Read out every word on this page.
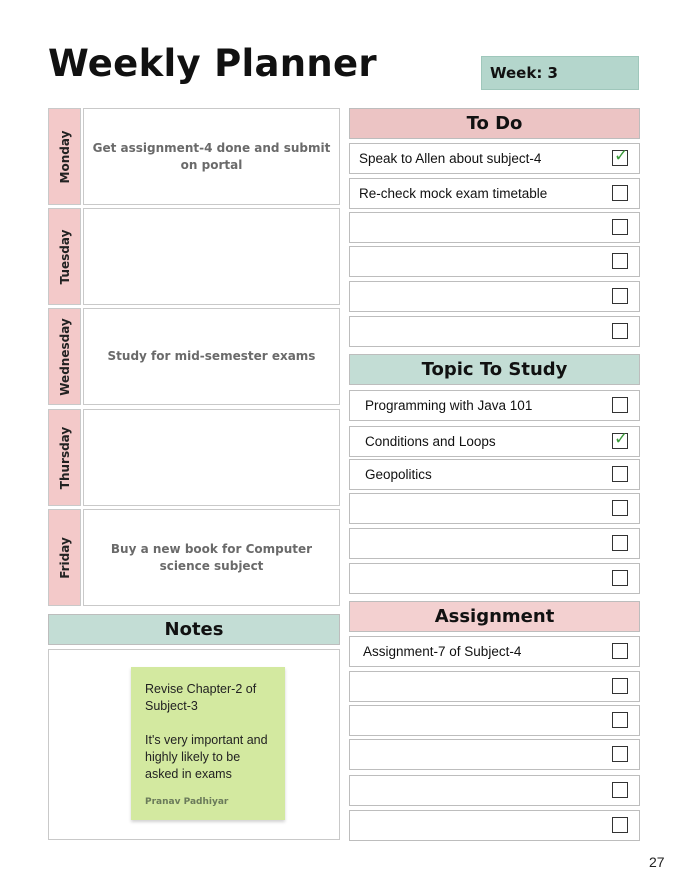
Weekly Planner	Week: 3
Monday	Get assignment-4 done and submit on portal
Tuesday
Wednesday	Study for mid-semester exams
Thursday
Friday	Buy a new book for Computer science subject
To Do
Speak to Allen about subject-4	✓
Re-check mock exam timetable
Topic To Study
Programming with Java 101
Conditions and Loops	✓
Geopolitics
Assignment
Assignment-7 of Subject-4
Notes

Revise Chapter-2 of Subject-3

It's very important and highly likely to be asked in exams

Pranav Padhiyar
27
